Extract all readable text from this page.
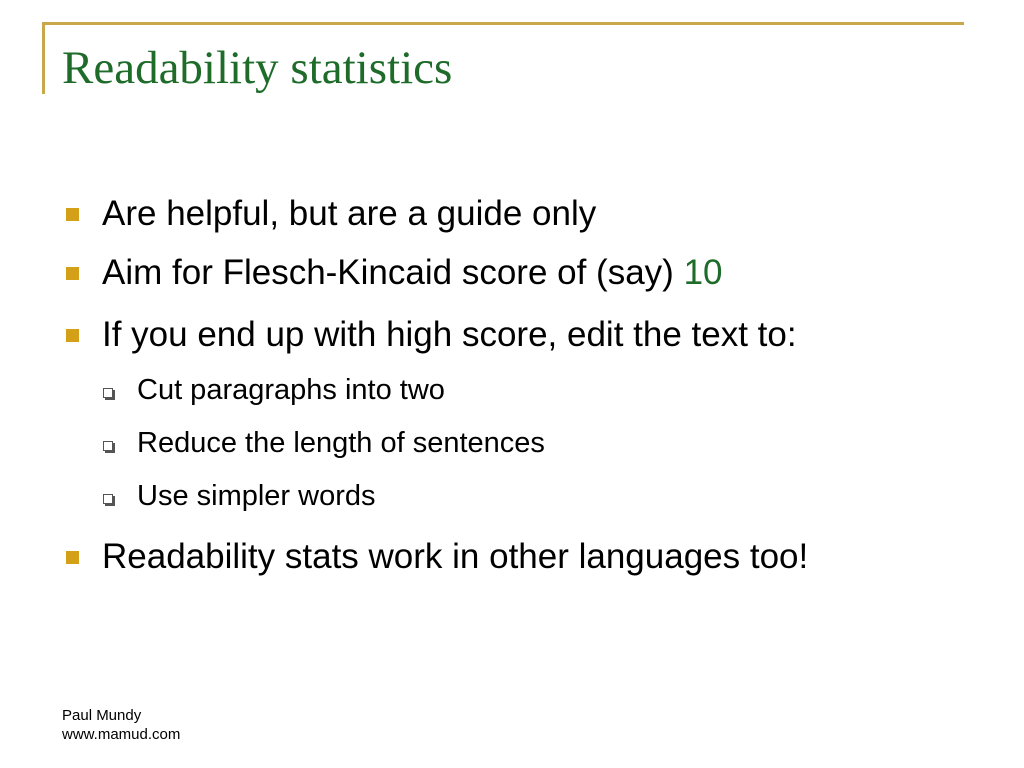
Readability statistics
Are helpful, but are a guide only
Aim for Flesch-Kincaid score of (say) 10
If you end up with high score, edit the text to:
Cut paragraphs into two
Reduce the length of sentences
Use simpler words
Readability stats work in other languages too!
Paul Mundy
www.mamud.com
